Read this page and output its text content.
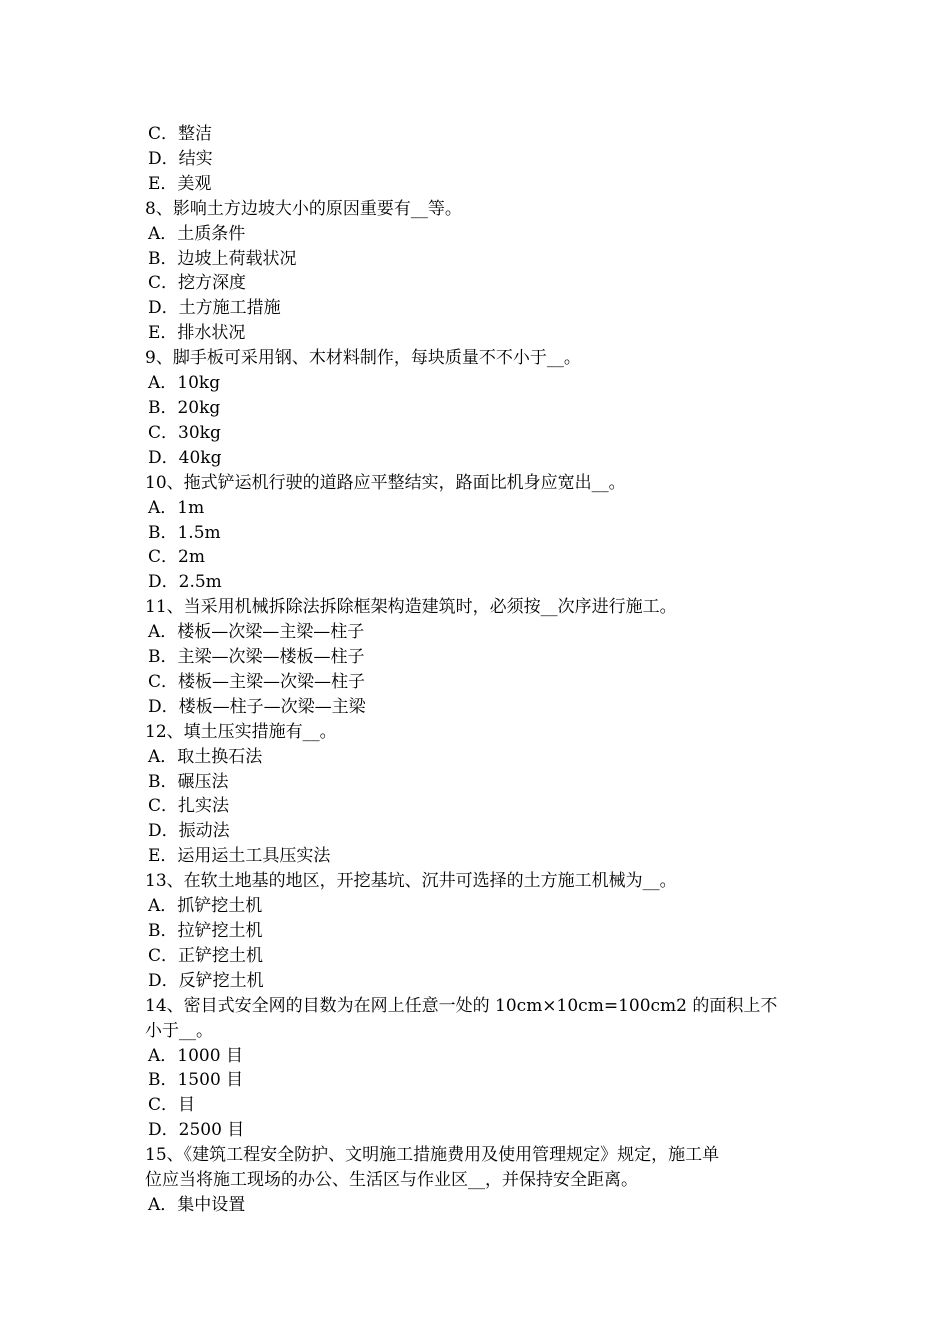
C．整洁
D．结实
E．美观
8、影响土方边坡大小的原因重要有__等。
A．土质条件
B．边坡上荷载状况
C．挖方深度
D．土方施工措施
E．排水状况
9、脚手板可采用钢、木材料制作，每块质量不不小于__。
A．10kg
B．20kg
C．30kg
D．40kg
10、拖式铲运机行驶的道路应平整结实，路面比机身应宽出__。
A．1m
B．1.5m
C．2m
D．2.5m
11、当采用机械拆除法拆除框架构造建筑时，必须按__次序进行施工。
A．楼板—次梁—主梁—柱子
B．主梁—次梁—楼板—柱子
C．楼板—主梁—次梁—柱子
D．楼板—柱子—次梁—主梁
12、填土压实措施有__。
A．取土换石法
B．碾压法
C．扎实法
D．振动法
E．运用运土工具压实法
13、在软土地基的地区，开挖基坑、沉井可选择的土方施工机械为__。
A．抓铲挖土机
B．拉铲挖土机
C．正铲挖土机
D．反铲挖土机
14、密目式安全网的目数为在网上任意一处的 10cm×10cm=100cm2 的面积上不
小于__。
A．1000 目
B．1500 目
C．目
D．2500 目
15、《建筑工程安全防护、文明施工措施费用及使用管理规定》规定，施工单
位应当将施工现场的办公、生活区与作业区__，并保持安全距离。
A．集中设置
